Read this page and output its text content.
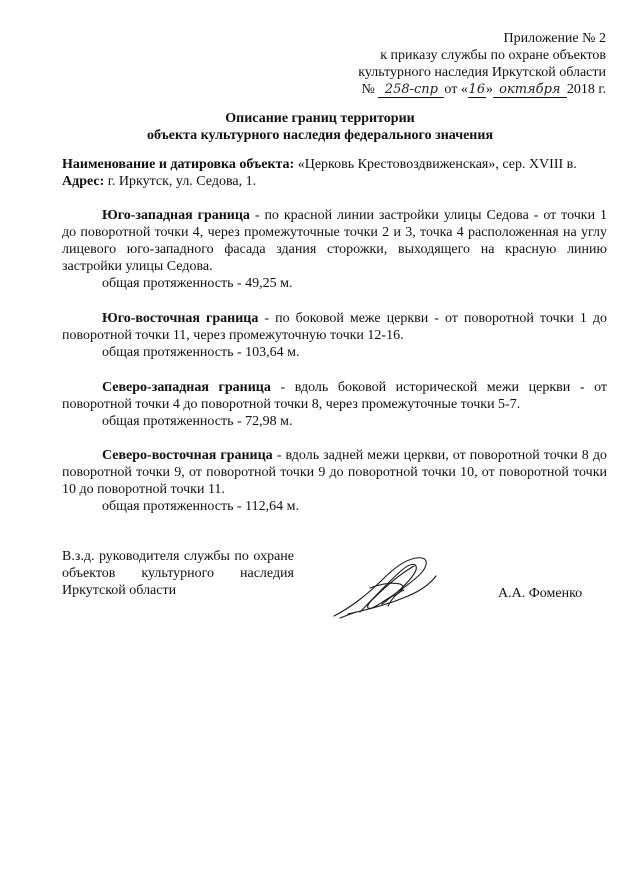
Приложение № 2
к приказу службы по охране объектов
культурного наследия Иркутской области
№ 258-спр от «16» октября 2018 г.
Описание границ территории
объекта культурного наследия федерального значения
Наименование и датировка объекта: «Церковь Крестовоздвиженская», сер. XVIII в.
Адрес: г. Иркутск, ул. Седова, 1.
Юго-западная граница - по красной линии застройки улицы Седова - от точки 1 до поворотной точки 4, через промежуточные точки 2 и 3, точка 4 расположенная на углу лицевого юго-западного фасада здания сторожки, выходящего на красную линию застройки улицы Седова.
общая протяженность - 49,25 м.
Юго-восточная граница - по боковой меже церкви - от поворотной точки 1 до поворотной точки 11, через промежуточную точки 12-16.
общая протяженность - 103,64 м.
Северо-западная граница - вдоль боковой исторической межи церкви - от поворотной точки 4 до поворотной точки 8, через промежуточные точки 5-7.
общая протяженность - 72,98 м.
Северо-восточная граница - вдоль задней межи церкви, от поворотной точки 8 до поворотной точки 9, от поворотной точки 9 до поворотной точки 10, от поворотной точки 10 до поворотной точки 11.
общая протяженность - 112,64 м.
В.з.д. руководителя службы по охране объектов культурного наследия Иркутской области	А.А. Фоменко
